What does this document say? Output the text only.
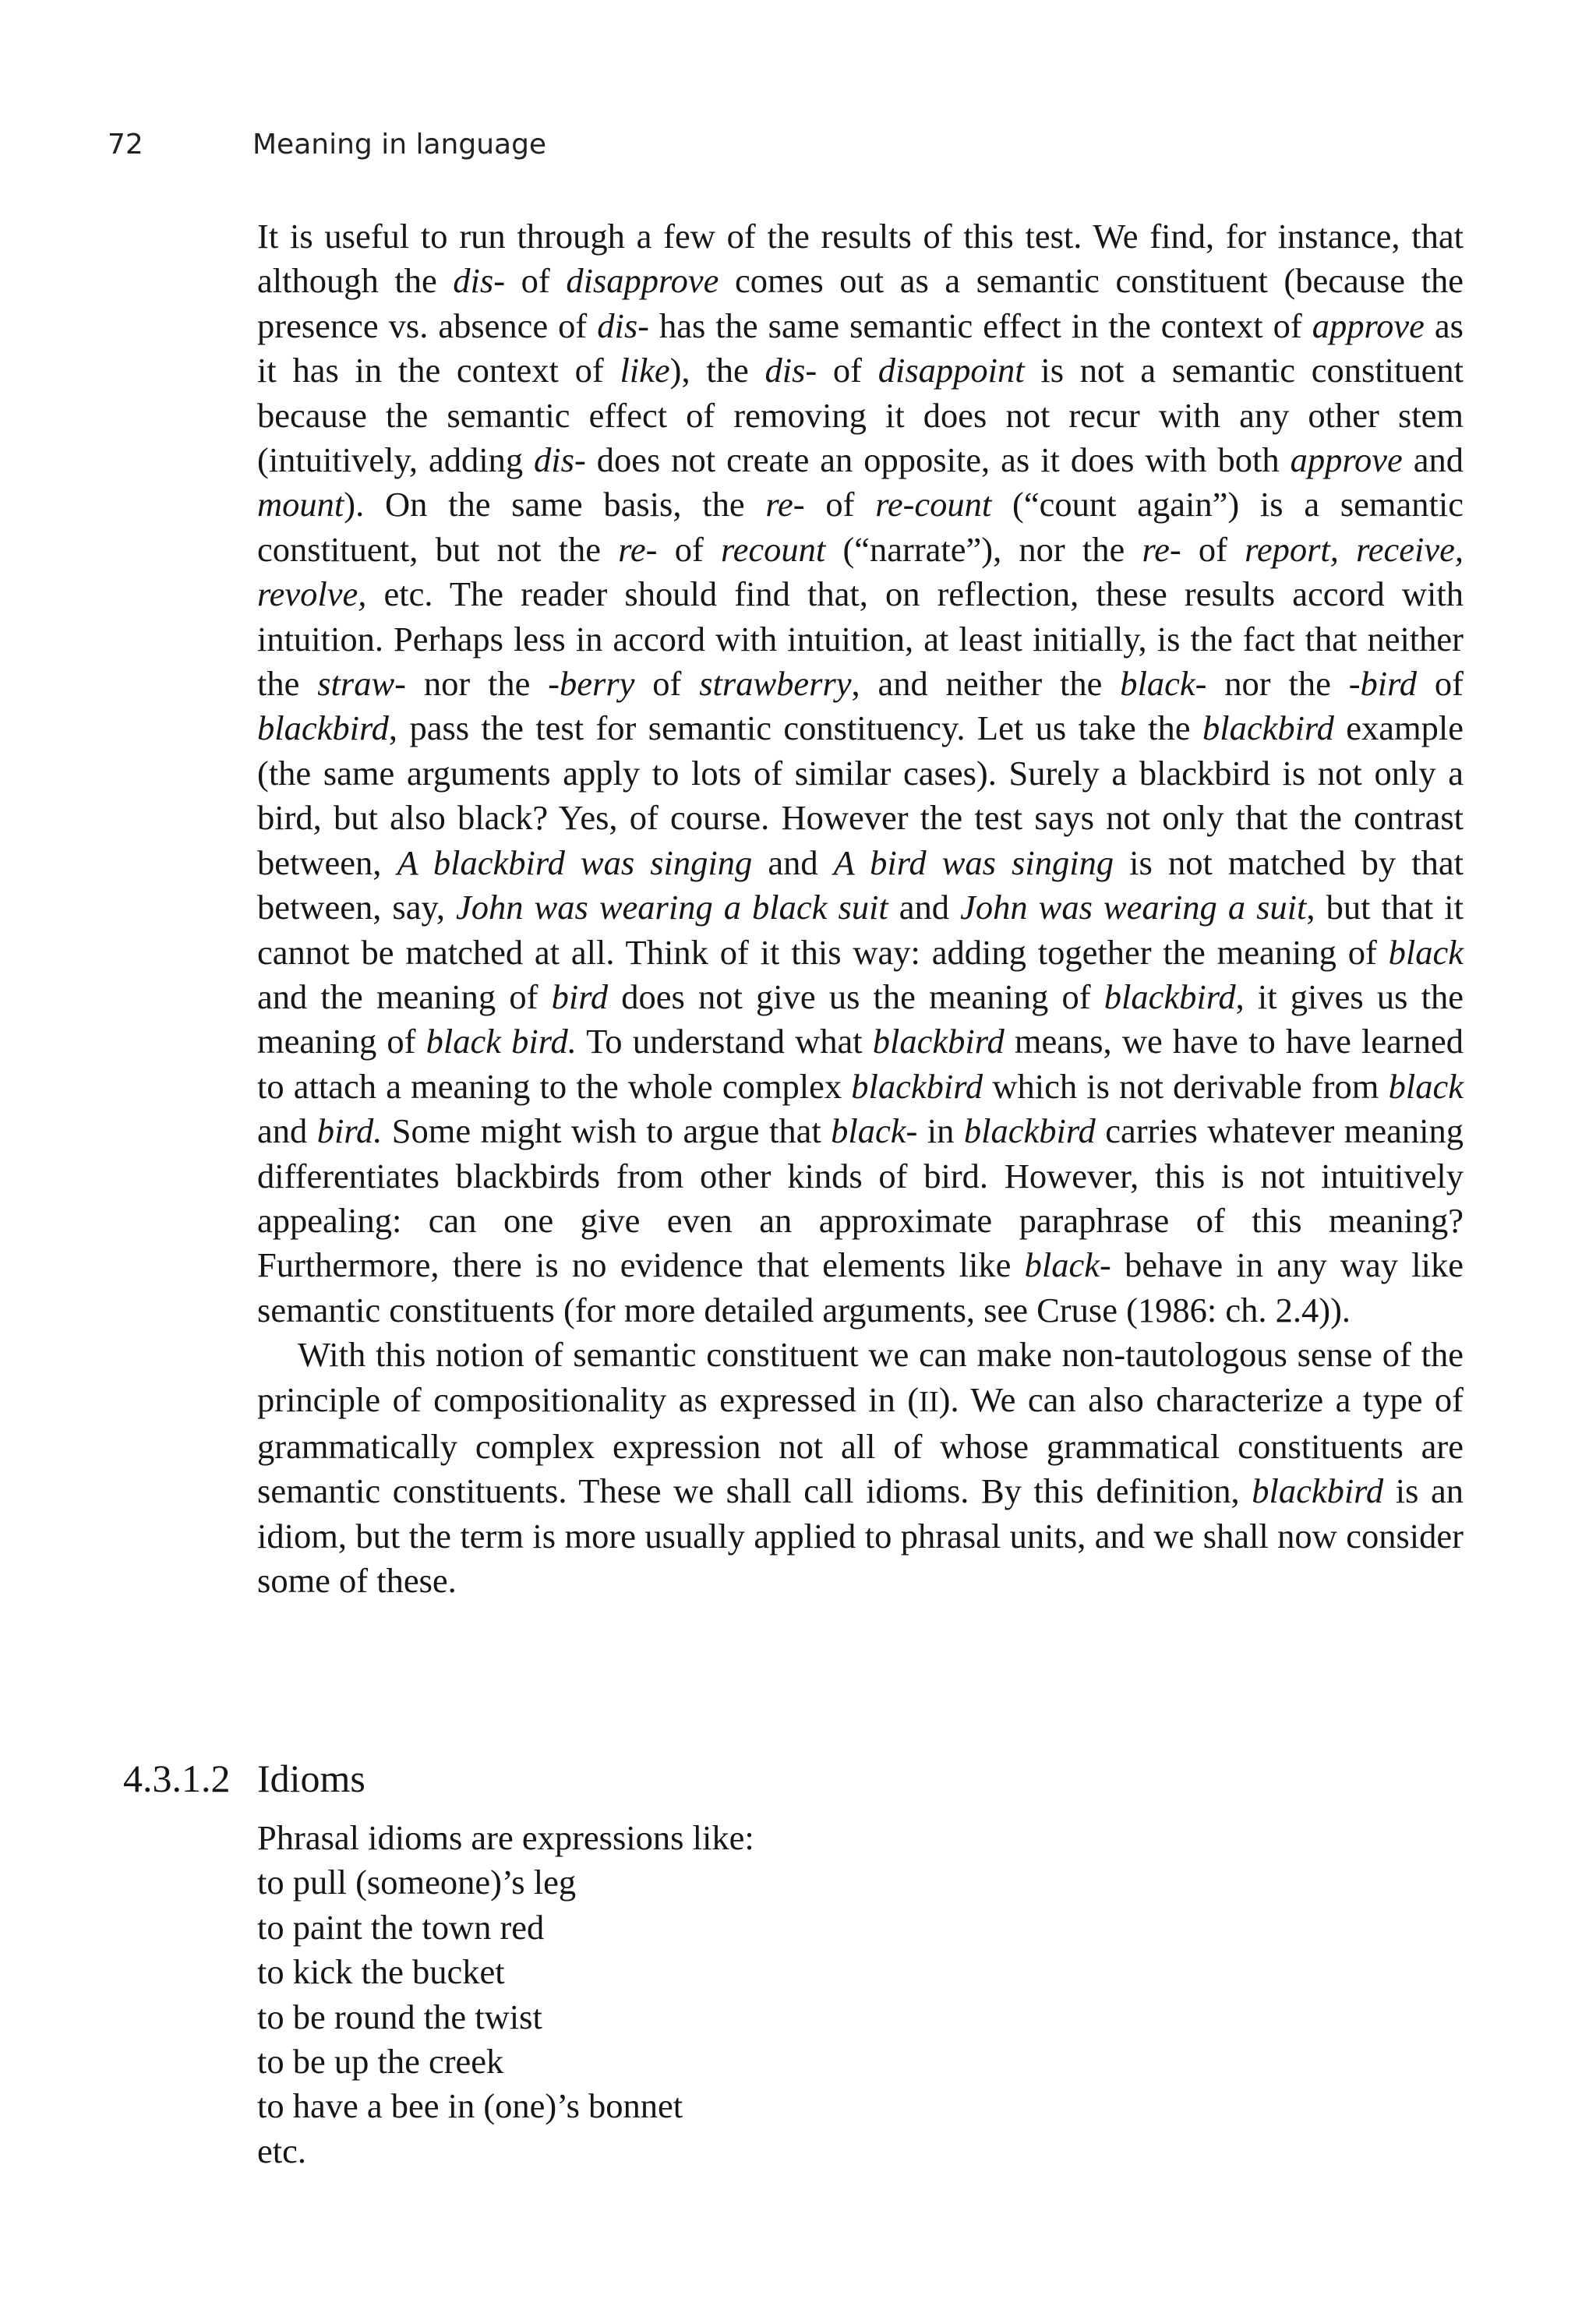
72	Meaning in language

It is useful to run through a few of the results of this test. We find, for instance, that although the dis- of disapprove comes out as a semantic constituent (because the presence vs. absence of dis- has the same semantic effect in the context of approve as it has in the context of like), the dis- of disappoint is not a semantic constituent because the semantic effect of removing it does not recur with any other stem (intuitively, adding dis- does not create an opposite, as it does with both approve and mount). On the same basis, the re- of re-count (“count again”) is a semantic constituent, but not the re- of recount (“narrate”), nor the re- of report, receive, revolve, etc. The reader should find that, on reflection, these results accord with intuition. Perhaps less in accord with intuition, at least initially, is the fact that neither the straw- nor the -berry of strawberry, and neither the black- nor the -bird of blackbird, pass the test for semantic constituency. Let us take the blackbird example (the same arguments apply to lots of similar cases). Surely a blackbird is not only a bird, but also black? Yes, of course. However the test says not only that the contrast between, A blackbird was singing and A bird was singing is not matched by that between, say, John was wearing a black suit and John was wearing a suit, but that it cannot be matched at all. Think of it this way: adding together the meaning of black and the meaning of bird does not give us the meaning of blackbird, it gives us the meaning of black bird. To understand what blackbird means, we have to have learned to attach a meaning to the whole complex blackbird which is not derivable from black and bird. Some might wish to argue that black- in blackbird carries whatever meaning differentiates blackbirds from other kinds of bird. However, this is not intuitively appealing: can one give even an approximate paraphrase of this meaning? Furthermore, there is no evidence that elements like black- behave in any way like semantic constituents (for more detailed arguments, see Cruse (1986: ch. 2.4)).

With this notion of semantic constituent we can make non-tautologous sense of the principle of compositionality as expressed in (II). We can also characterize a type of grammatically complex expression not all of whose grammatical constituents are semantic constituents. These we shall call idioms. By this definition, blackbird is an idiom, but the term is more usually applied to phrasal units, and we shall now consider some of these.

4.3.1.2 Idioms
Phrasal idioms are expressions like:
to pull (someone)’s leg
to paint the town red
to kick the bucket
to be round the twist
to be up the creek
to have a bee in (one)’s bonnet
etc.
